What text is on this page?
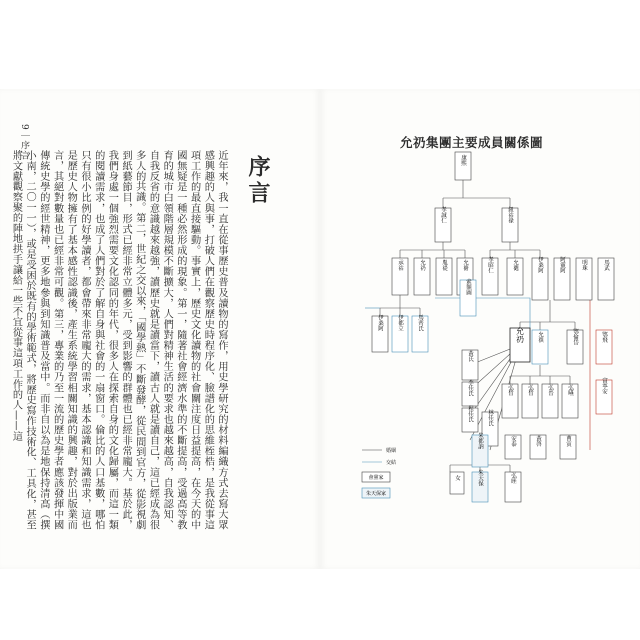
9｜序言
序言
近年來，我一直在從事歷史普及讀物的寫作，用史學研究的材料編織方式去寫大眾感興趣的人與事，打破人們在觀察歷史時程序化、臉譜化的思維桎梏，是我從事這項工作的最直接驅動。事實上，歷史文化讀物的社會關注度日益提高，在今天的中國無疑是一種必然形成的現象。第一，隨著社會經濟水準的不斷提高，受過高等教育的城市白領階層規模不斷擴大，人們對精神生活的要求也越來越高，自我認知、自我反省的意識越來越強，讀歷史就是讀當下，讀古人就是讀自己，這已經成為很多人的共識。第二，世紀之交以來，「國學熱」不斷發酵，從民間到官方，從影視劇到紙藝節目，形式已經非常立體多元，受到影響的群體也已經非常龐大。基於此，我們身處一個強烈需要文化認同的年代，很多人在探索自身的文化歸屬，而這一類的閱讀需求，也成了人們對於了解自身與社會的一扇窗口。倫比的人口基數，哪怕只有很小比例的好學讀者，都會帶來非常龐大的需求，基本認識和知識需求，這也是歷史人物擁有了基本感性認識後，產生系統學習相關知識的興趣，對於出版業而言，其絕對數量也已經非常可觀。第三，專業的乃至一流的歷史學者應該發揮中國傳統史學的經世精神，更多地參與到知識普及當中。而非自以為是地保持清高（撰小南，二〇一一），或是受困於既有的學術範式，將歷史寫作技術化、工具化，甚至將文獻觀察聚的陣地拱手讓給一些不宜從事這項工作的人——這
允礽集團主要成員關係圖
康熙
孝誠仁	鈕祜祿
承祜	允礽	胤禔	允禟	孝昭仁	允禵	伊桑阿	阿靈阿	明珠	馬武
索額圖
伊桑阿	伊都立	馬齊氏
允礽 允禩	鄂倫岱	鄂飛
黃氏
李佳氏
程佳氏	林佳氏
弘晳	弘晳	弘晉	弘曣	富寧安
朱都訥	安泰	黃啓	曹寅
女	朱天保	弘晊
婚姻
交結
會黨家
朱天保家
